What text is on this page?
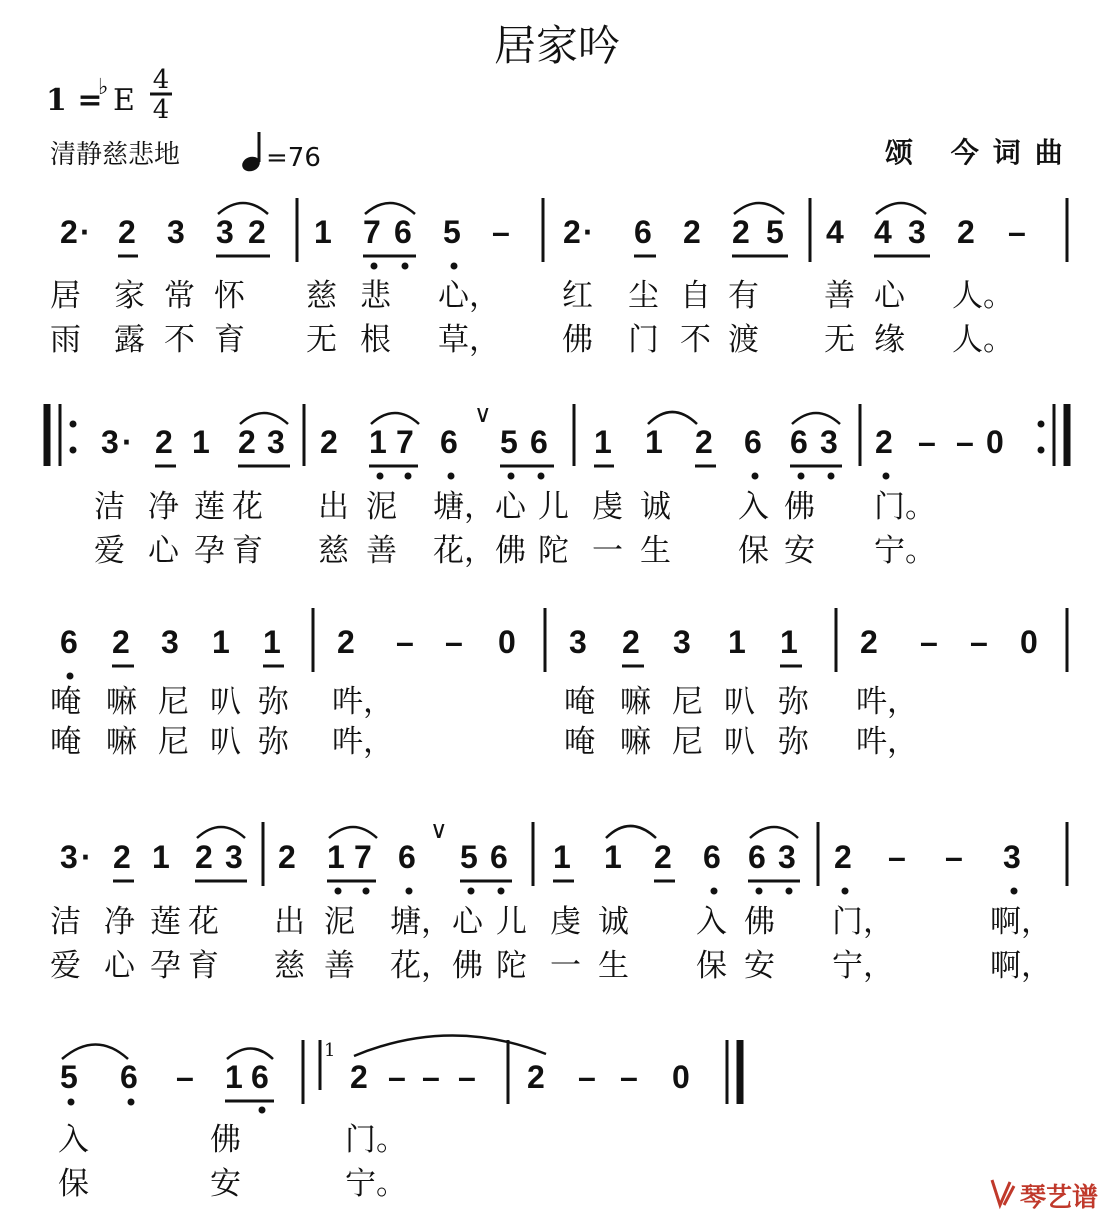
居家吟
1 =
♭ E
4
4
清静慈悲地	=76	颂 今词曲
2 · 2 3 3 2 1 7 6 5 – 2 · 6 2 2 5 4 4 3 2 –
居 家 常 怀 慈 悲 心， 红 尘 自 有 善 心 人。
雨 露 不 育 无 根 草， 佛 门 不 渡 无 缘 人。
3 · 2 1 2 3 2 1 7 6 5 6 1 1 2 6 6 3 2 – – 0
∨
洁 净 莲 花 出 泥 塘，心 儿 虔 诚 入 佛 门。
爱 心 孕 育 慈 善 花，佛 陀 一 生 保 安 宁。
6 2 3 1 1 2 – – 0 3 2 3 1 1 2 – – 0
唵 嘛 尼 叭 弥 吽，	唵 嘛 尼 叭 弥 吽，
唵 嘛 尼 叭 弥 吽，	唵 嘛 尼 叭 弥 吽，
3 · 2 1 2 3 2 1 7 6 5 6 1 1 2 6 6 3 2 – – 3
∨
洁 净 莲 花 出 泥 塘，心 儿 虔 诚 入 佛 门，	啊，
爱 心 孕 育 慈 善 花，佛 陀 一 生 保 安 宁，	啊，
5 6 – 1 6	2 – – – 2 – – 0
1
入	佛	门。
保	安	宁。	琴艺谱
